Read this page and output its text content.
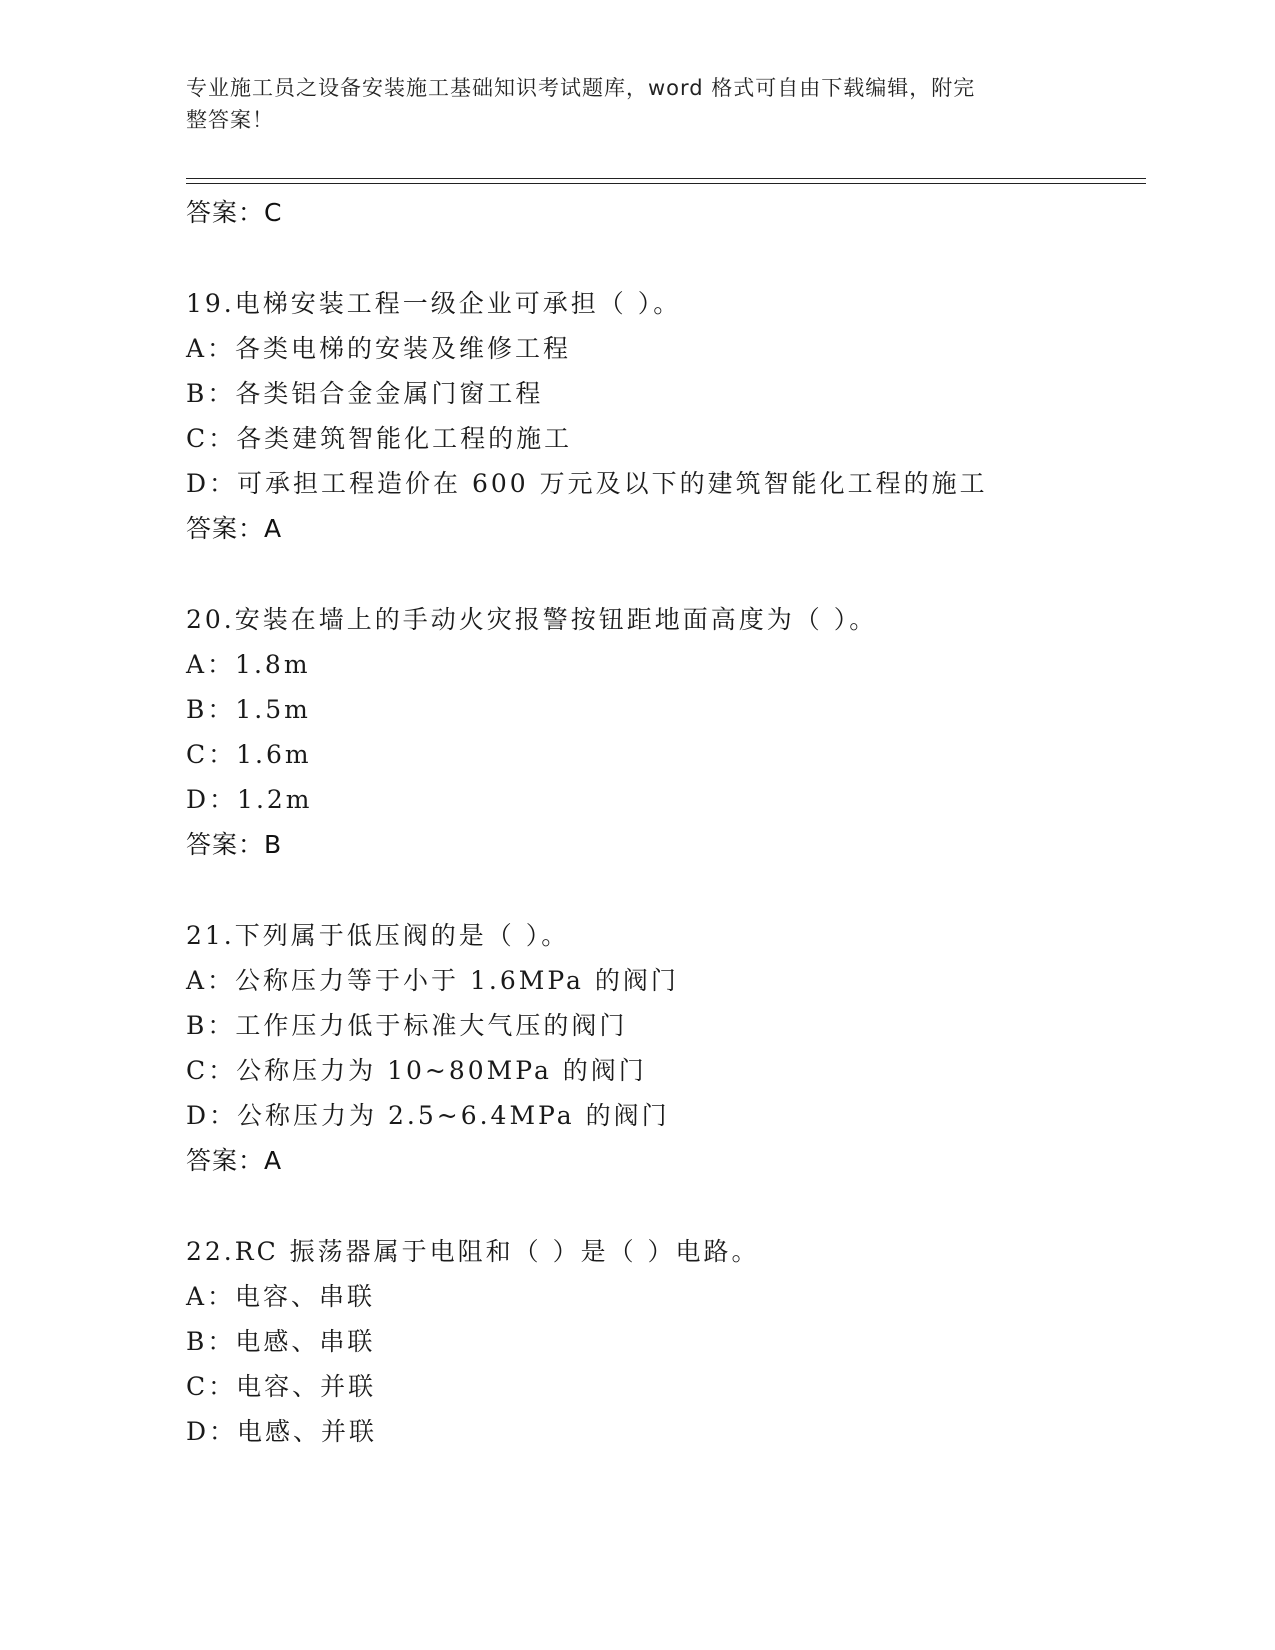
专业施工员之设备安装施工基础知识考试题库，word 格式可自由下载编辑，附完
整答案！
答案：C
19.电梯安装工程一级企业可承担（ ）。
A：各类电梯的安装及维修工程
B：各类铝合金金属门窗工程
C：各类建筑智能化工程的施工
D：可承担工程造价在 600 万元及以下的建筑智能化工程的施工
答案：A
20.安装在墙上的手动火灾报警按钮距地面高度为（ ）。
A：1.8m
B：1.5m
C：1.6m
D：1.2m
答案：B
21.下列属于低压阀的是（ ）。
A：公称压力等于小于 1.6MPa 的阀门
B：工作压力低于标准大气压的阀门
C：公称压力为 10~80MPa 的阀门
D：公称压力为 2.5~6.4MPa 的阀门
答案：A
22.RC 振荡器属于电阻和（ ）是（ ）电路。
A：电容、串联
B：电感、串联
C：电容、并联
D：电感、并联
